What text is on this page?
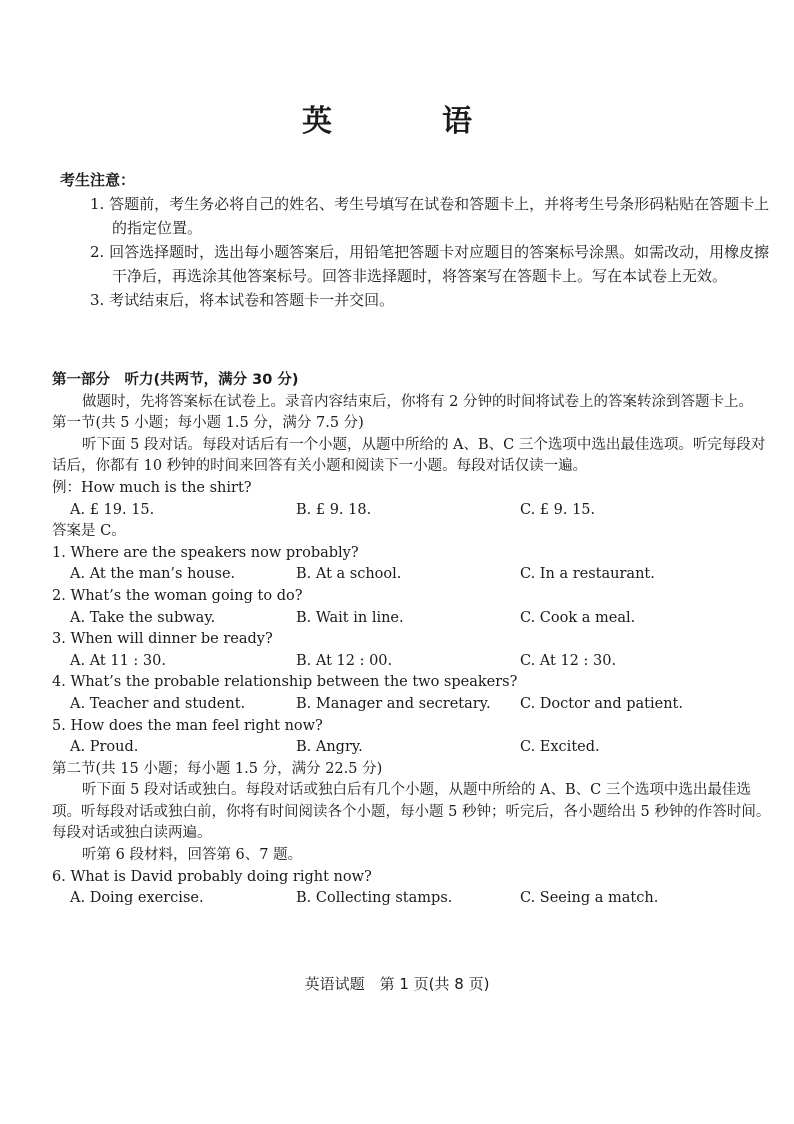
英　语
考生注意：
1. 答题前，考生务必将自己的姓名、考生号填写在试卷和答题卡上，并将考生号条形码粘贴在答题卡上的指定位置。
2. 回答选择题时，选出每小题答案后，用铅笔把答题卡对应题目的答案标号涂黑。如需改动，用橡皮擦干净后，再选涂其他答案标号。回答非选择题时，将答案写在答题卡上。写在本试卷上无效。
3. 考试结束后，将本试卷和答题卡一并交回。
第一部分　听力(共两节，满分 30 分)
做题时，先将答案标在试卷上。录音内容结束后，你将有 2 分钟的时间将试卷上的答案转涂到答题卡上。
第一节(共 5 小题；每小题 1.5 分，满分 7.5 分)
听下面 5 段对话。每段对话后有一个小题，从题中所给的 A、B、C 三个选项中选出最佳选项。听完每段对话后，你都有 10 秒钟的时间来回答有关小题和阅读下一小题。每段对话仅读一遍。
例：How much is the shirt?
A. £ 19. 15.	B. £ 9. 18.	C. £ 9. 15.
答案是 C。
1. Where are the speakers now probably?
A. At the man’s house.	B. At a school.	C. In a restaurant.
2. What’s the woman going to do?
A. Take the subway.	B. Wait in line.	C. Cook a meal.
3. When will dinner be ready?
A. At 11 : 30.	B. At 12 : 00.	C. At 12 : 30.
4. What’s the probable relationship between the two speakers?
A. Teacher and student.	B. Manager and secretary.	C. Doctor and patient.
5. How does the man feel right now?
A. Proud.	B. Angry.	C. Excited.
第二节(共 15 小题；每小题 1.5 分，满分 22.5 分)
听下面 5 段对话或独白。每段对话或独白后有几个小题，从题中所给的 A、B、C 三个选项中选出最佳选项。听每段对话或独白前，你将有时间阅读各个小题，每小题 5 秒钟；听完后，各小题给出 5 秒钟的作答时间。每段对话或独白读两遍。
听第 6 段材料，回答第 6、7 题。
6. What is David probably doing right now?
A. Doing exercise.	B. Collecting stamps.	C. Seeing a match.
英语试题　第 1 页(共 8 页)
